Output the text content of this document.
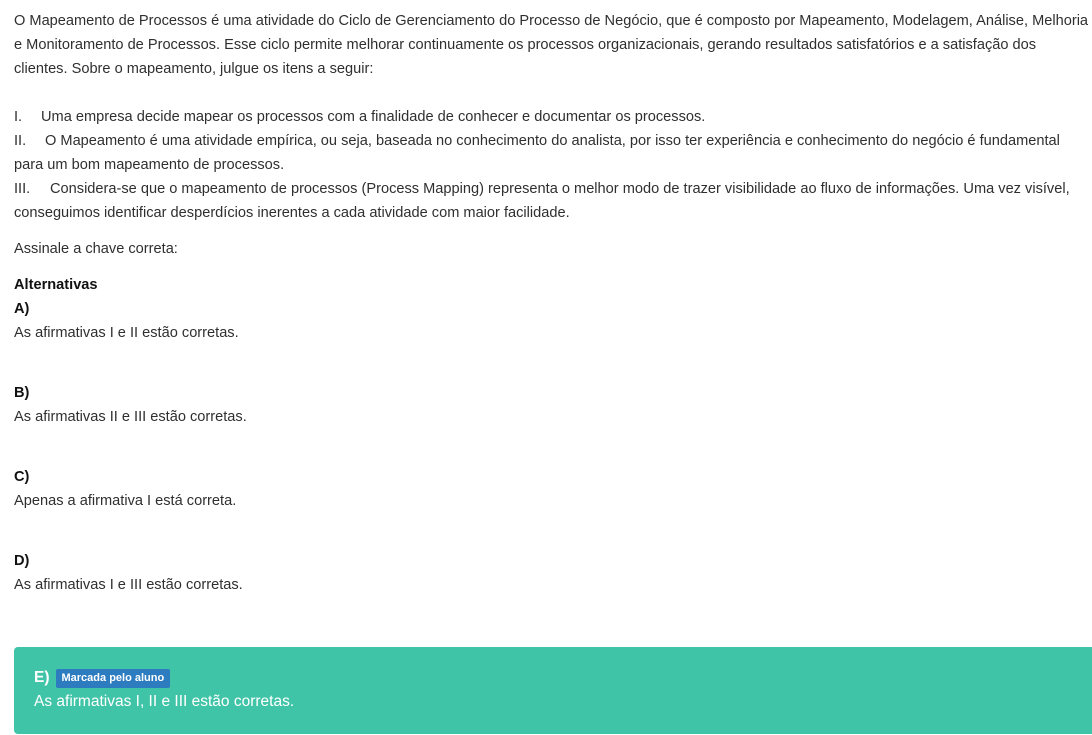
O Mapeamento de Processos é uma atividade do Ciclo de Gerenciamento do Processo de Negócio, que é composto por Mapeamento, Modelagem, Análise, Melhoria e Monitoramento de Processos. Esse ciclo permite melhorar continuamente os processos organizacionais, gerando resultados satisfatórios e a satisfação dos clientes. Sobre o mapeamento, julgue os itens a seguir:

I. Uma empresa decide mapear os processos com a finalidade de conhecer e documentar os processos.

II. O Mapeamento é uma atividade empírica, ou seja, baseada no conhecimento do analista, por isso ter experiência e conhecimento do negócio é fundamental para um bom mapeamento de processos.

III. Considera-se que o mapeamento de processos (Process Mapping) representa o melhor modo de trazer visibilidade ao fluxo de informações. Uma vez visível, conseguimos identificar desperdícios inerentes a cada atividade com maior facilidade.

Assinale a chave correta:

Alternativas
A)
As afirmativas I e II estão corretas.
B)
As afirmativas II e III estão corretas.
C)
Apenas a afirmativa I está correta.
D)
As afirmativas I e III estão corretas.
E)	Marcada pelo aluno
As afirmativas I, II e III estão corretas.
